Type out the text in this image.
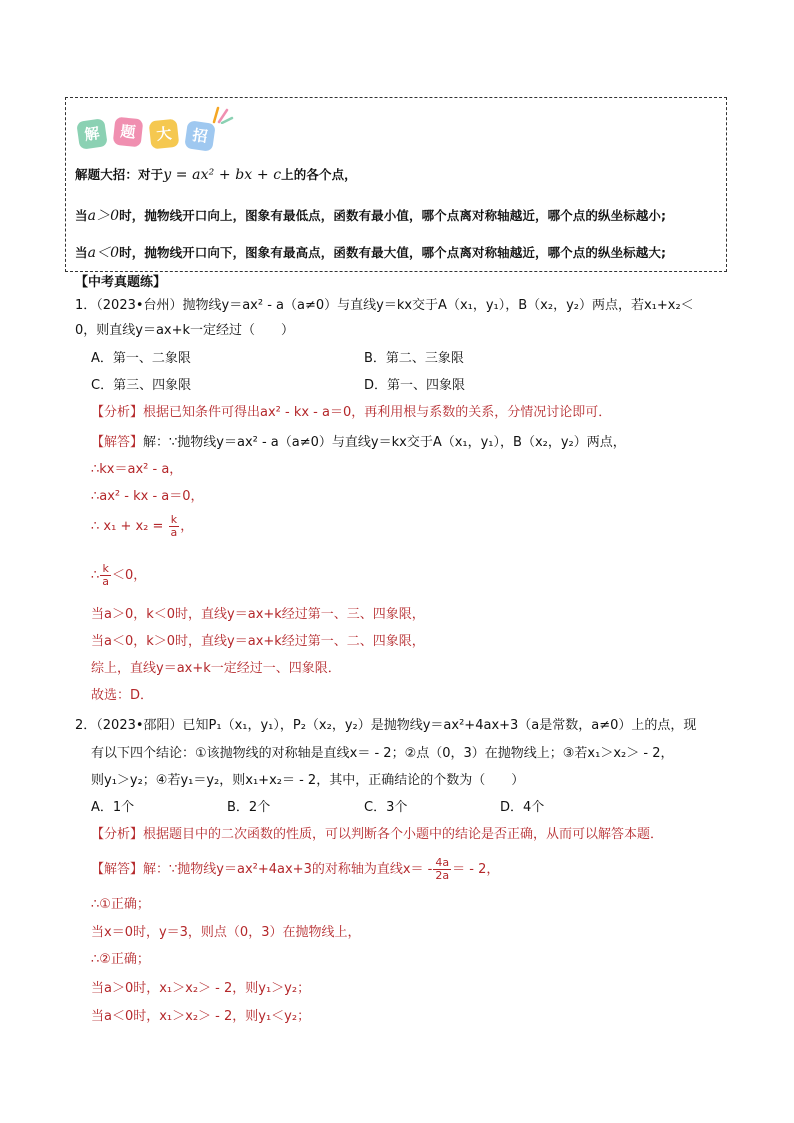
解	题	大	招
解题大招：对于y = ax² + bx + c上的各个点，
当a＞0时，抛物线开口向上，图象有最低点，函数有最小值，哪个点离对称轴越近，哪个点的纵坐标越小;
当a＜0时，抛物线开口向下，图象有最高点，函数有最大值，哪个点离对称轴越近，哪个点的纵坐标越大;
【中考真题练】
1．（2023•台州）抛物线y＝ax² - a（a≠0）与直线y＝kx交于A（x₁，y₁），B（x₂，y₂）两点，若x₁+x₂＜
0，则直线y＝ax+k一定经过（　　）
A．第一、二象限	B．第二、三象限
C．第三、四象限	D．第一、四象限
【分析】根据已知条件可得出ax² - kx - a＝0，再利用根与系数的关系，分情况讨论即可．
【解答】解：∵抛物线y＝ax² - a（a≠0）与直线y＝kx交于A（x₁，y₁），B（x₂，y₂）两点，
∴kx＝ax² - a，
∴ax² - kx - a＝0，
∴ $x_1 + x_2 = \frac{k}{a}$ ，
∴ $\frac{k}{a} <0$，
当a＞0，k＜0时，直线y＝ax+k经过第一、三、四象限，
当a＜0，k＞0时，直线y＝ax+k经过第一、二、四象限，
综上，直线y＝ax+k一定经过一、四象限．
故选：D．
2．（2023•邵阳）已知P₁（x₁，y₁），P₂（x₂，y₂）是抛物线y＝ax²+4ax+3（a是常数，a≠0）上的点，现
有以下四个结论：①该抛物线的对称轴是直线x＝ - 2；②点（0，3）在抛物线上；③若x₁＞x₂＞ - 2，
则y₁＞y₂；④若y₁＝y₂，则x₁+x₂＝ - 2，其中，正确结论的个数为（　　）
A．1个	B．2个	C．3个	D．4个
【分析】根据题目中的二次函数的性质，可以判断各个小题中的结论是否正确，从而可以解答本题．
【解答】解：∵抛物线y＝ax²+4ax+3的对称轴为直线$x= - \frac{4a}{2a}$ ＝ - 2，
∴①正确；
当x＝0时，y＝3，则点（0，3）在抛物线上，
∴②正确；
当a＞0时，x₁＞x₂＞ - 2，则y₁＞y₂；
当a＜0时，x₁＞x₂＞ - 2，则y₁＜y₂；
